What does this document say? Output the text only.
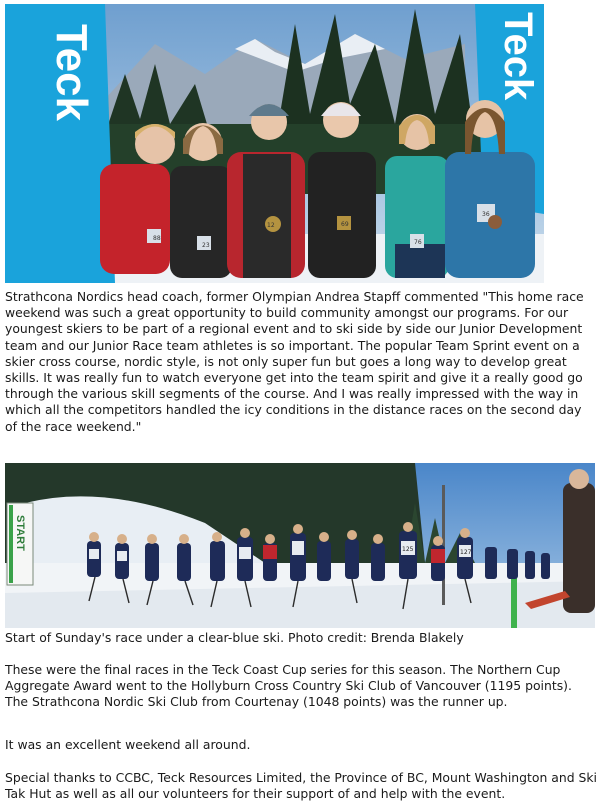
Teck	Teck
88
23
12	69
76
36

Strathcona Nordics head coach, former Olympian Andrea Stapff commented "This home race weekend was such a great opportunity to build community amongst our programs. For our youngest skiers to be part of a regional event and to ski side by side our Junior Development team and our Junior Race team athletes is so important. The popular Team Sprint event on a skier cross course, nordic style, is not only super fun but goes a long way to develop great skills. It was really fun to watch everyone get into the team spirit and give it a really good go through the various skill segments of the course. And I was really impressed with the way in which all the competitors handled the icy conditions in the distance races on the second day of the race weekend."

START	125	127

Start of Sunday's race under a clear-blue ski. Photo credit: Brenda Blakely

These were the final races in the Teck Coast Cup series for this season. The Northern Cup Aggregate Award went to the Hollyburn Cross Country Ski Club of Vancouver (1195 points). The Strathcona Nordic Ski Club from Courtenay (1048 points) was the runner up.

It was an excellent weekend all around.

Special thanks to CCBC, Teck Resources Limited, the Province of BC, Mount Washington and Ski Tak Hut as well as all our volunteers for their support of and help with the event.
